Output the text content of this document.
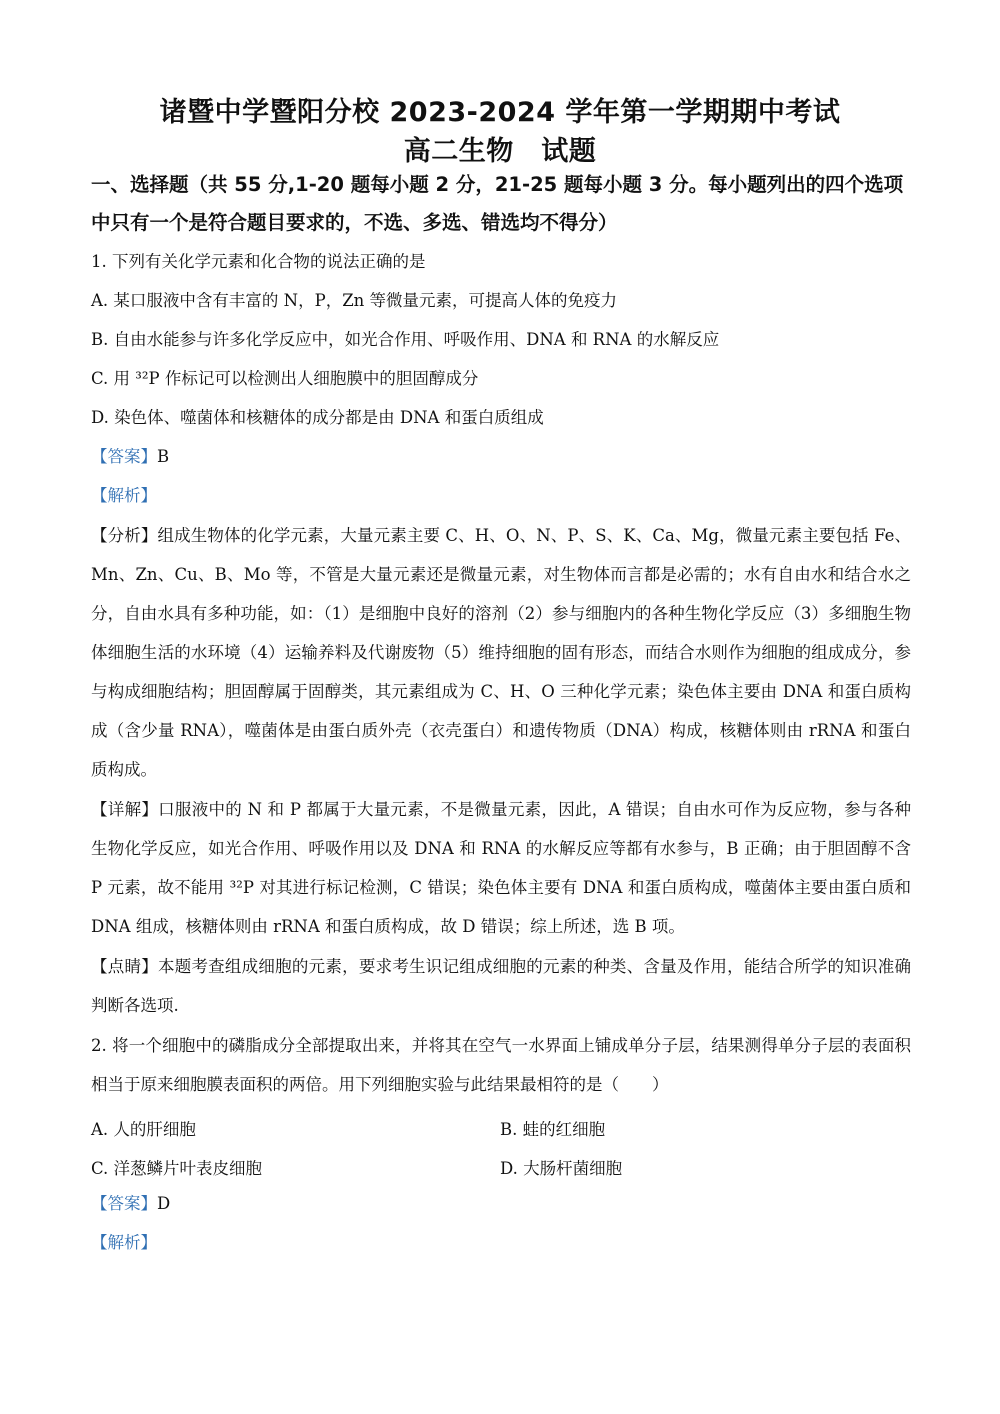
诸暨中学暨阳分校 2023-2024 学年第一学期期中考试
高二生物　试题
一、选择题（共 55 分,1-20 题每小题 2 分，21-25 题每小题 3 分。每小题列出的四个选项中只有一个是符合题目要求的，不选、多选、错选均不得分）
1. 下列有关化学元素和化合物的说法正确的是
A. 某口服液中含有丰富的 N，P，Zn 等微量元素，可提高人体的免疫力
B. 自由水能参与许多化学反应中，如光合作用、呼吸作用、DNA 和 RNA 的水解反应
C. 用 ³²P 作标记可以检测出人细胞膜中的胆固醇成分
D. 染色体、噬菌体和核糖体的成分都是由 DNA 和蛋白质组成
【答案】B
【解析】
【分析】组成生物体的化学元素，大量元素主要 C、H、O、N、P、S、K、Ca、Mg，微量元素主要包括 Fe、Mn、Zn、Cu、B、Mo 等，不管是大量元素还是微量元素，对生物体而言都是必需的；水有自由水和结合水之分，自由水具有多种功能，如：（1）是细胞中良好的溶剂（2）参与细胞内的各种生物化学反应（3）多细胞生物体细胞生活的水环境（4）运输养料及代谢废物（5）维持细胞的固有形态，而结合水则作为细胞的组成成分，参与构成细胞结构；胆固醇属于固醇类，其元素组成为 C、H、O 三种化学元素；染色体主要由 DNA 和蛋白质构成（含少量 RNA），噬菌体是由蛋白质外壳（衣壳蛋白）和遗传物质（DNA）构成，核糖体则由 rRNA 和蛋白质构成。
【详解】口服液中的 N 和 P 都属于大量元素，不是微量元素，因此，A 错误；自由水可作为反应物，参与各种生物化学反应，如光合作用、呼吸作用以及 DNA 和 RNA 的水解反应等都有水参与，B 正确；由于胆固醇不含 P 元素，故不能用 ³²P 对其进行标记检测，C 错误；染色体主要有 DNA 和蛋白质构成，噬菌体主要由蛋白质和 DNA 组成，核糖体则由 rRNA 和蛋白质构成，故 D 错误；综上所述，选 B 项。
【点睛】本题考查组成细胞的元素，要求考生识记组成细胞的元素的种类、含量及作用，能结合所学的知识准确判断各选项.
2. 将一个细胞中的磷脂成分全部提取出来，并将其在空气一水界面上铺成单分子层，结果测得单分子层的表面积相当于原来细胞膜表面积的两倍。用下列细胞实验与此结果最相符的是（　　）
A. 人的肝细胞	B. 蛙的红细胞
C. 洋葱鳞片叶表皮细胞	D. 大肠杆菌细胞
【答案】D
【解析】
